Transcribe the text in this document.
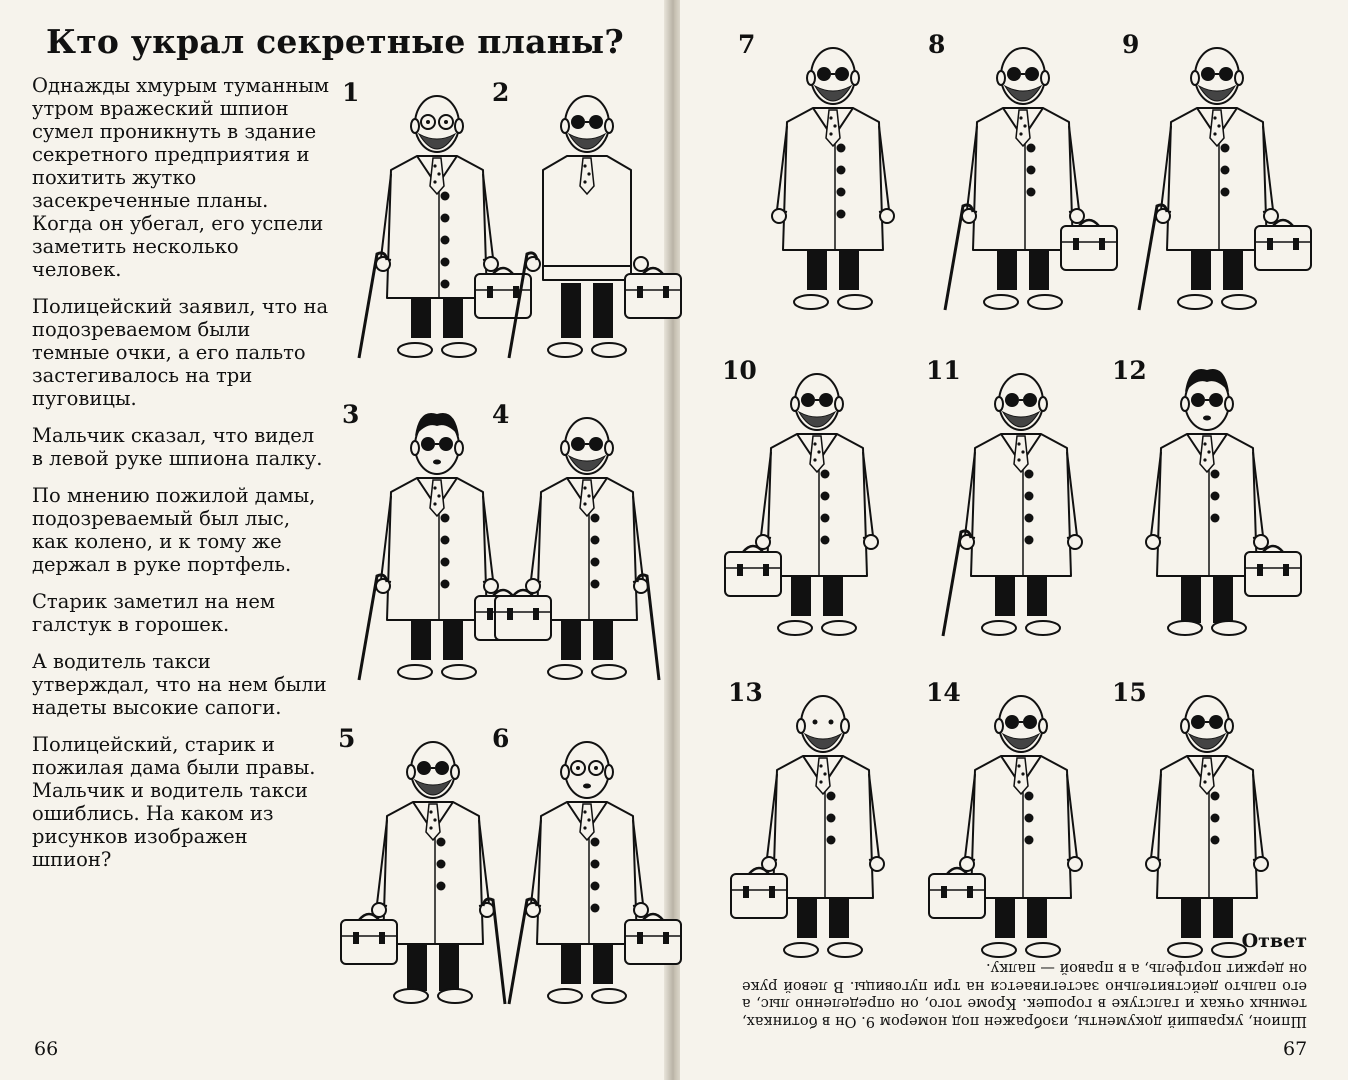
Кто украл секретные планы?

Однажды хмурым туманным утром вражеский шпион сумел проникнуть в здание секретного предприятия и похитить жутко засекреченные планы. Когда он убегал, его успели заметить несколько человек.

Полицейский заявил, что на подозреваемом были темные очки, а его пальто застегивалось на три пуговицы.

Мальчик сказал, что видел в левой руке шпиона палку.

По мнению пожилой дамы, подозреваемый был лыс, как колено, и к тому же держал в руке портфель.

Старик заметил на нем галстук в горошек.

А водитель такси утверждал, что на нем были надеты высокие сапоги.

Полицейский, старик и пожилая дама были правы. Мальчик и водитель такси ошиблись. На каком из рисунков изображен шпион?

66	67
1	2
3	4
5	6
7	8	9
10	11	12
13	14	15
Ответ
Шпион, укравший документы, изображен под номером 9. Он в ботинках, темных очках и галстуке в горошек. Кроме того, он определенно лыс, а его пальто действительно застегивается на три пуговицы. В левой руке он держит портфель, а в правой — палку.
